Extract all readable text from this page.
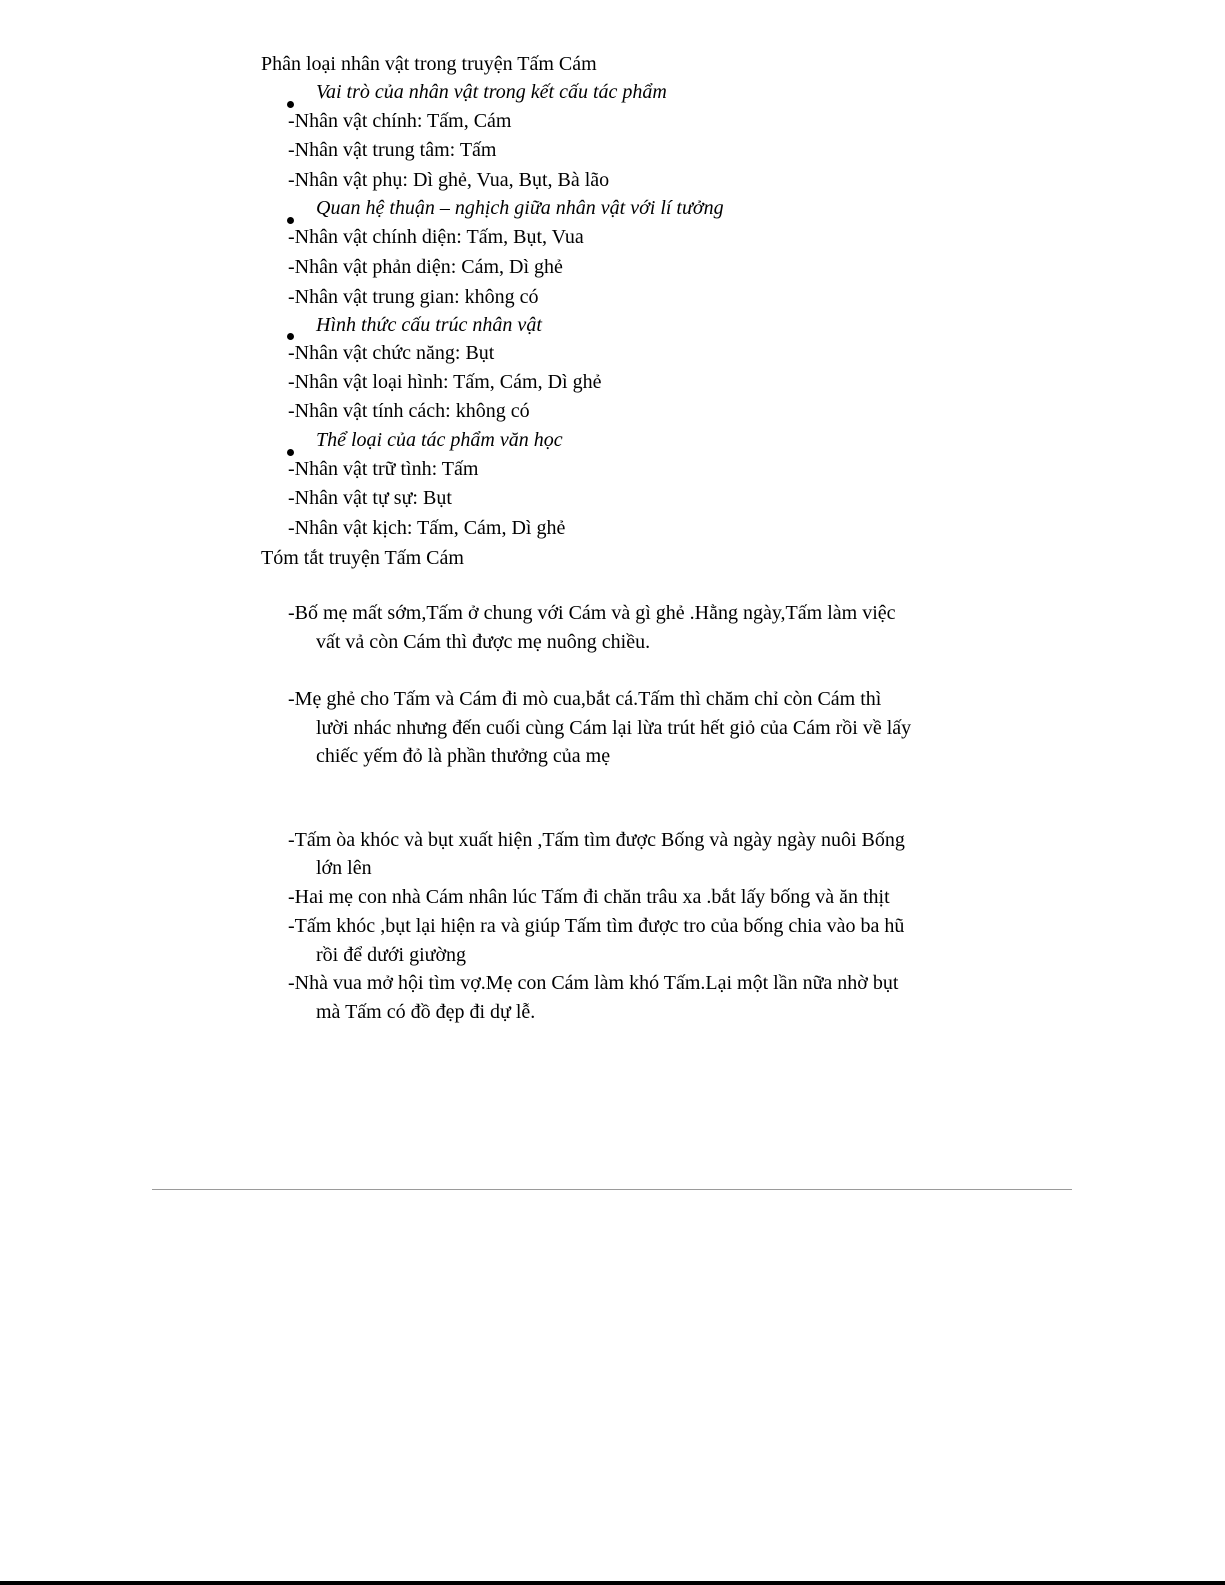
Phân loại nhân vật trong truyện Tấm Cám
Vai trò của nhân vật trong kết cấu tác phẩm
-Nhân vật chính: Tấm, Cám
-Nhân vật trung tâm: Tấm
-Nhân vật phụ: Dì ghẻ, Vua, Bụt, Bà lão
Quan hệ thuận – nghịch giữa nhân vật với lí tưởng
-Nhân vật chính diện: Tấm, Bụt, Vua
-Nhân vật phản diện: Cám, Dì ghẻ
-Nhân vật trung gian: không có
Hình thức cấu trúc nhân vật
-Nhân vật chức năng: Bụt
-Nhân vật loại hình: Tấm, Cám, Dì ghẻ
-Nhân vật tính cách: không có
Thể loại của tác phẩm văn học
-Nhân vật trữ tình: Tấm
-Nhân vật tự sự: Bụt
-Nhân vật kịch: Tấm, Cám, Dì ghẻ
Tóm tắt truyện Tấm Cám
-Bố mẹ mất sớm,Tấm ở chung với Cám và gì ghẻ .Hằng ngày,Tấm làm việc
vất vả còn Cám thì được mẹ nuông chiều.
-Mẹ ghẻ cho Tấm và Cám đi mò cua,bắt cá.Tấm thì chăm chỉ còn Cám thì
lười nhác nhưng đến cuối cùng Cám lại lừa trút hết giỏ của Cám rồi về lấy
chiếc yếm đỏ là phần thưởng của mẹ
-Tấm òa khóc và bụt xuất hiện ,Tấm tìm được Bống và ngày ngày nuôi Bống
lớn lên
-Hai mẹ con nhà Cám nhân lúc Tấm đi chăn trâu xa .bắt lấy bống và ăn thịt
-Tấm khóc ,bụt lại hiện ra và giúp Tấm tìm được tro của bống chia vào ba hũ
rồi để dưới giường
-Nhà vua mở hội tìm vợ.Mẹ con Cám làm khó Tấm.Lại một lần nữa nhờ bụt
mà Tấm có đồ đẹp đi dự lễ.
